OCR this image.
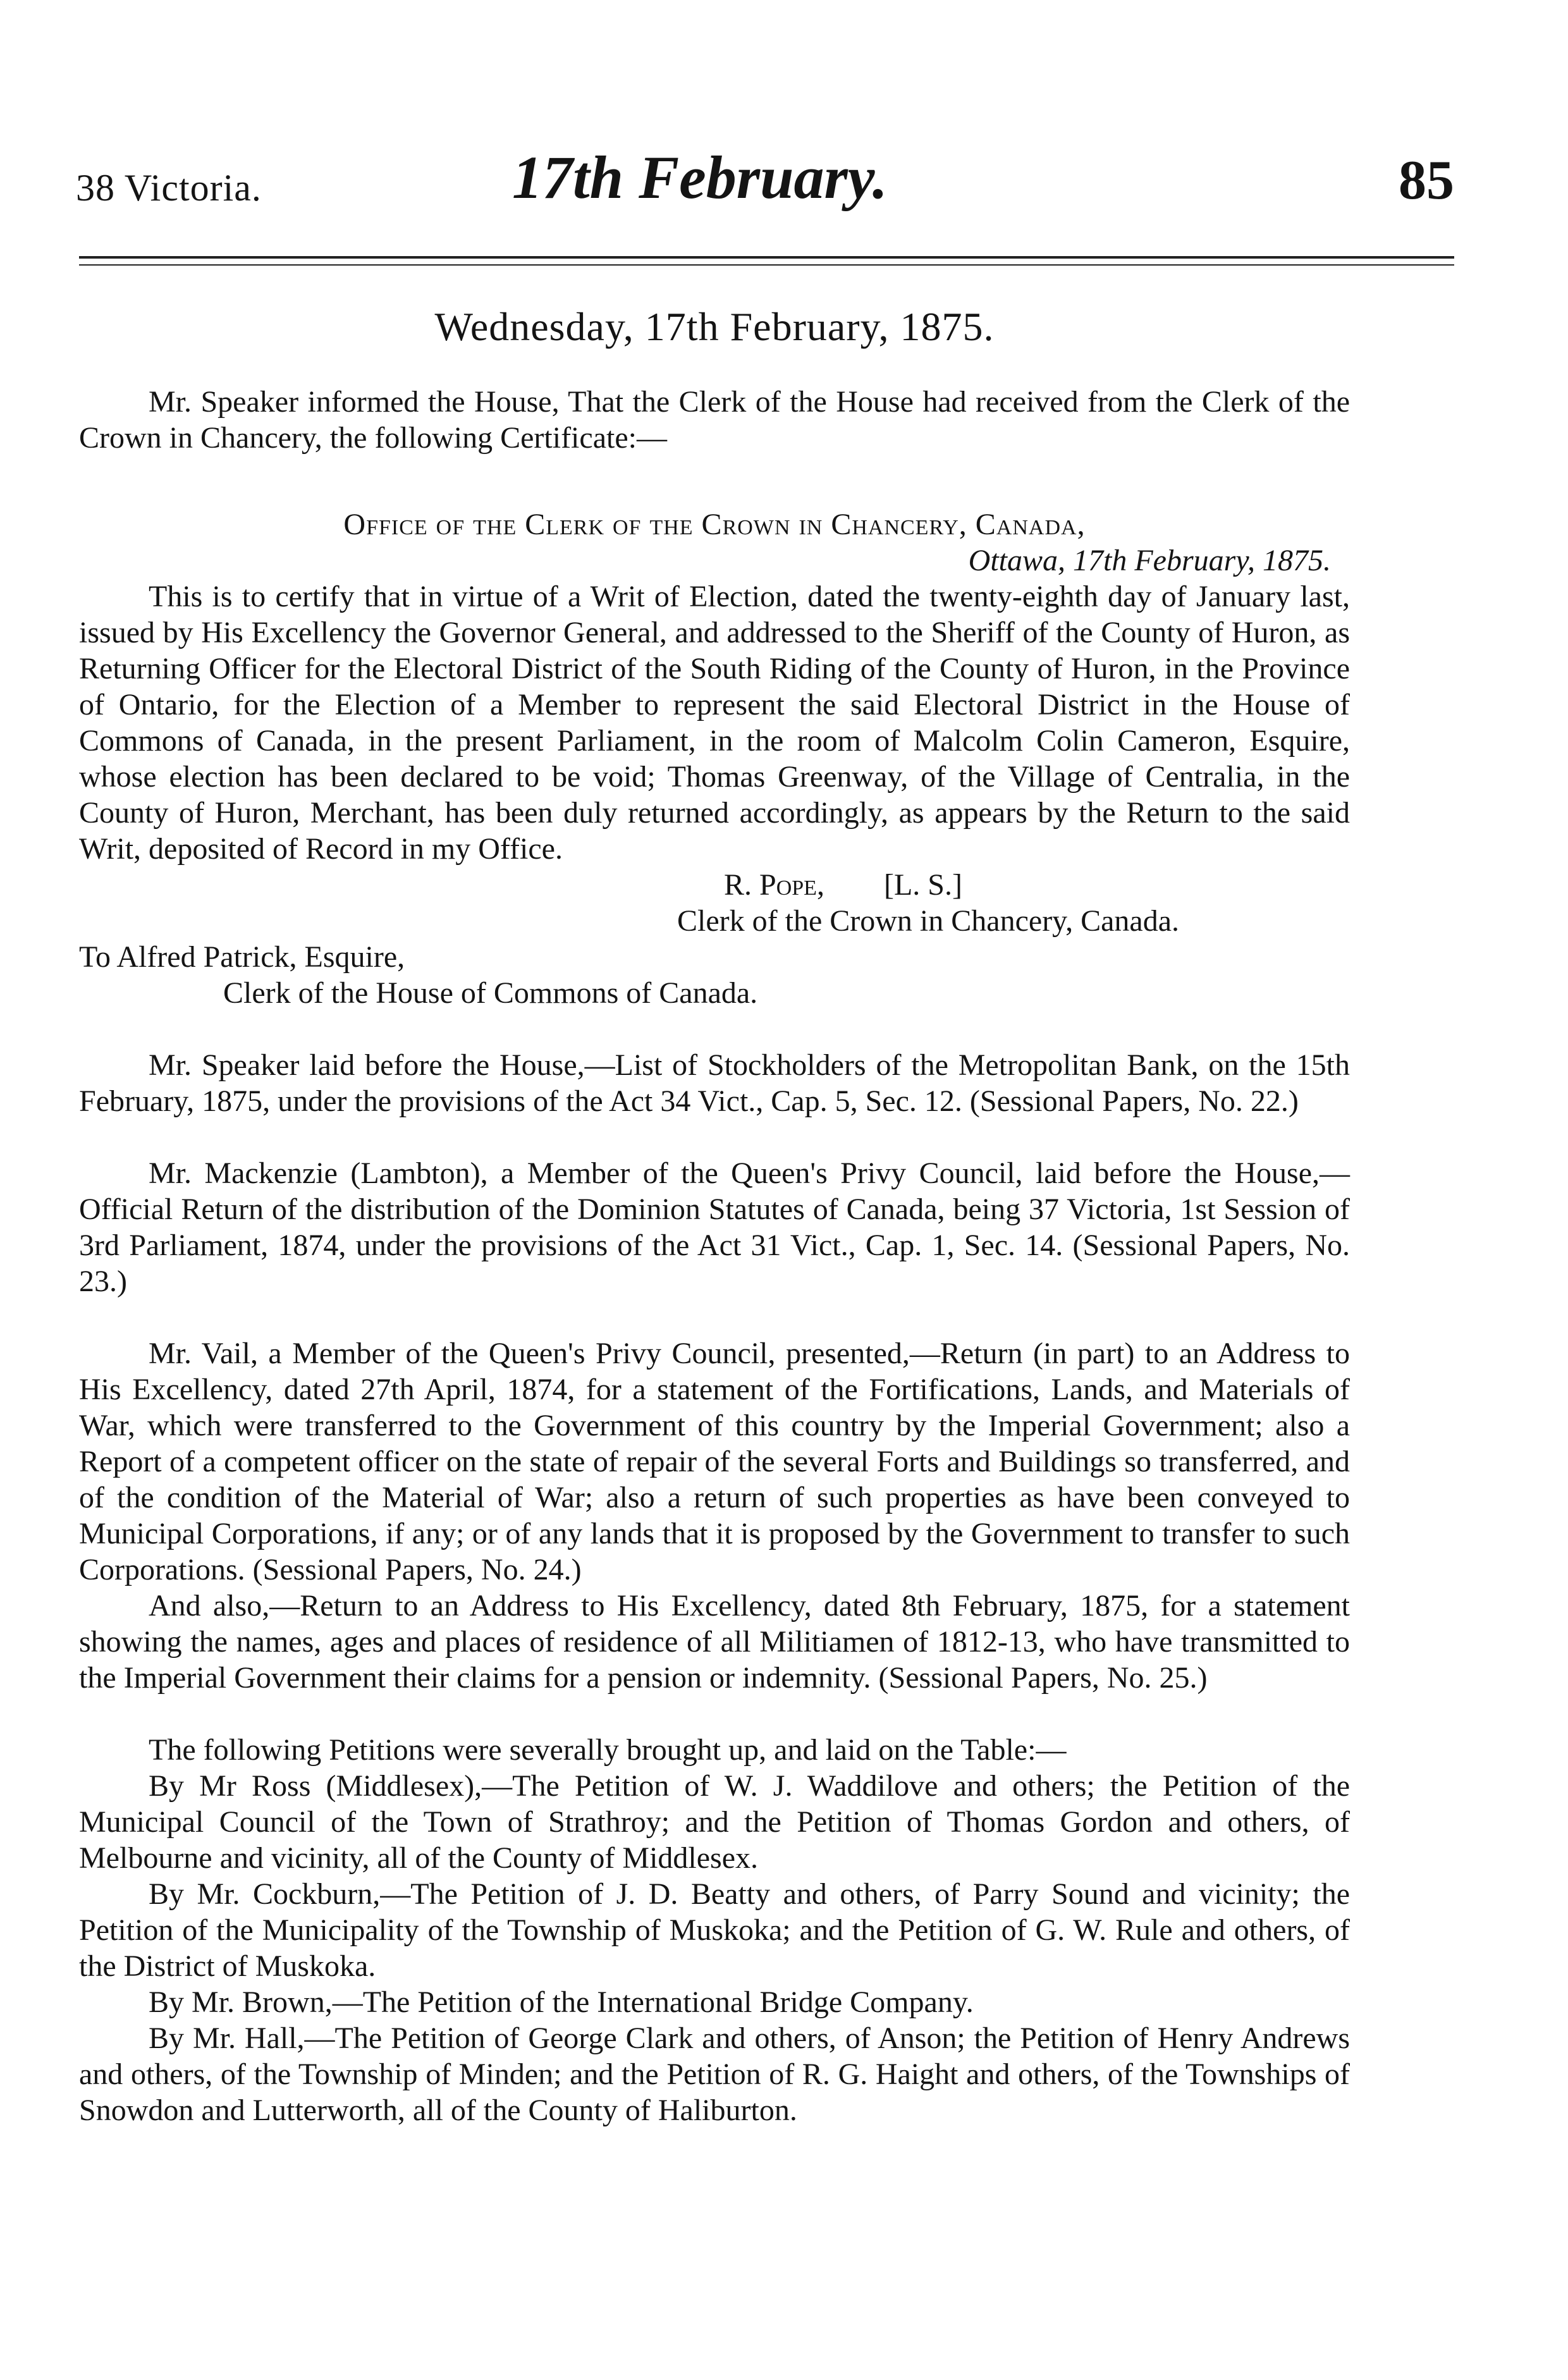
38 Victoria.	17th February.	85
Wednesday, 17th February, 1875.

Mr. Speaker informed the House, That the Clerk of the House had received from the Clerk of the Crown in Chancery, the following Certificate:—

Office of the Clerk of the Crown in Chancery, Canada,
Ottawa, 17th February, 1875.

This is to certify that in virtue of a Writ of Election, dated the twenty-eighth day of January last, issued by His Excellency the Governor General, and addressed to the Sheriff of the County of Huron, as Returning Officer for the Electoral District of the South Riding of the County of Huron, in the Province of Ontario, for the Election of a Member to represent the said Electoral District in the House of Commons of Canada, in the present Parliament, in the room of Malcolm Colin Cameron, Esquire, whose election has been declared to be void; Thomas Greenway, of the Village of Centralia, in the County of Huron, Merchant, has been duly returned accordingly, as appears by the Return to the said Writ, deposited of Record in my Office.

R. Pope, [L. S.]
Clerk of the Crown in Chancery, Canada.
To Alfred Patrick, Esquire,
Clerk of the House of Commons of Canada.

Mr. Speaker laid before the House,—List of Stockholders of the Metropolitan Bank, on the 15th February, 1875, under the provisions of the Act 34 Vict., Cap. 5, Sec. 12. (Sessional Papers, No. 22.)

Mr. Mackenzie (Lambton), a Member of the Queen's Privy Council, laid before the House,—Official Return of the distribution of the Dominion Statutes of Canada, being 37 Victoria, 1st Session of 3rd Parliament, 1874, under the provisions of the Act 31 Vict., Cap. 1, Sec. 14. (Sessional Papers, No. 23.)

Mr. Vail, a Member of the Queen's Privy Council, presented,—Return (in part) to an Address to His Excellency, dated 27th April, 1874, for a statement of the Fortifications, Lands, and Materials of War, which were transferred to the Government of this country by the Imperial Government; also a Report of a competent officer on the state of repair of the several Forts and Buildings so transferred, and of the condition of the Material of War; also a return of such properties as have been conveyed to Municipal Corporations, if any; or of any lands that it is proposed by the Government to transfer to such Corporations. (Sessional Papers, No. 24.)

And also,—Return to an Address to His Excellency, dated 8th February, 1875, for a statement showing the names, ages and places of residence of all Militiamen of 1812-13, who have transmitted to the Imperial Government their claims for a pension or indemnity. (Sessional Papers, No. 25.)

The following Petitions were severally brought up, and laid on the Table:—

By Mr Ross (Middlesex),—The Petition of W. J. Waddilove and others; the Petition of the Municipal Council of the Town of Strathroy; and the Petition of Thomas Gordon and others, of Melbourne and vicinity, all of the County of Middlesex.

By Mr. Cockburn,—The Petition of J. D. Beatty and others, of Parry Sound and vicinity; the Petition of the Municipality of the Township of Muskoka; and the Petition of G. W. Rule and others, of the District of Muskoka.

By Mr. Brown,—The Petition of the International Bridge Company.

By Mr. Hall,—The Petition of George Clark and others, of Anson; the Petition of Henry Andrews and others, of the Township of Minden; and the Petition of R. G. Haight and others, of the Townships of Snowdon and Lutterworth, all of the County of Haliburton.
